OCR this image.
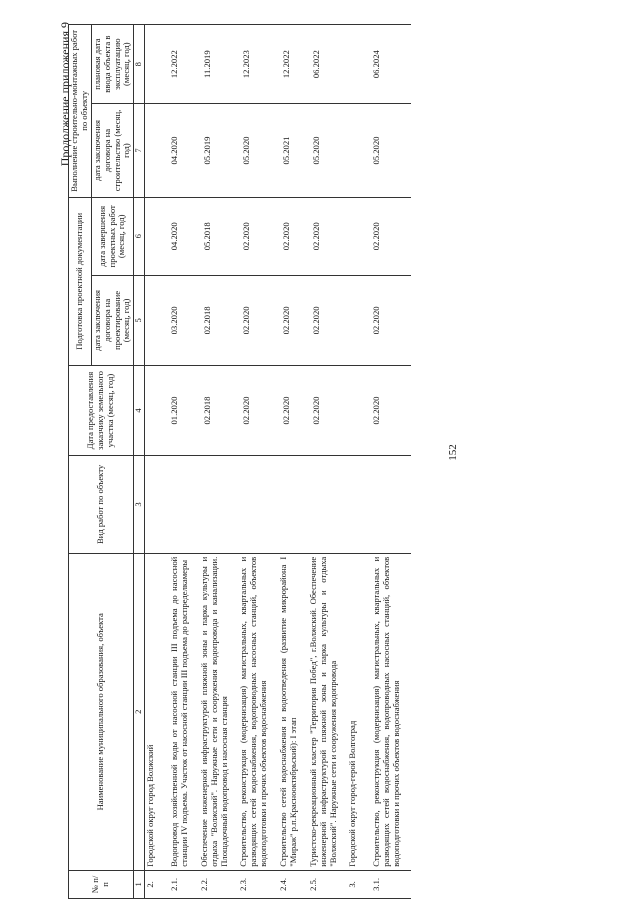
152
Продолжение приложения 9
№ п/п	Наименование муниципального образования, объекта	Вид работ по объекту	Дата предоставления заказчику земельного участка (месяц, год)	Подготовка проектной документации		Выполнение строительно-монтажных работ по объекту	
				дата заключения договора на проектирование (месяц, год)	дата завершения проектных работ (месяц, год)	дата заключения договора на строительство (месяц, год)	плановая дата ввода объекта в эксплуатацию (месяц, год)
1	2	3	4	5	6	7	8
2.	Городской округ город Волжский						
2.1.	Водопровод хозяйственной воды от насосной станции III подъема до насосной станции IV подъема. Участок от насосной станции III подъема до распределкамеры		01.2020	03.2020	04.2020	04.2020	12.2022
2.2.	Обеспечение инженерной инфраструктурой пляжной зоны и парка культуры и отдыха "Волжский". Наружные сети и сооружения водопровода и канализации. Площадочный водопровод и насосная станция		02.2018	02.2018	05.2018	05.2019	11.2019
2.3.	Строительство, реконструкция (модернизация) магистральных, квартальных и разводящих сетей водоснабжения, водопроводных насосных станций, объектов водоподготовки и прочих объектов водоснабжения		02.2020	02.2020	02.2020	05.2020	12.2023
2.4.	Строительство сетей водоснабжения и водоотведения (развитие микрорайона I "Мираж" р.п.Краснооктябрьский): I этап		02.2020	02.2020	02.2020	05.2021	12.2022
2.5.	Туристско-рекреационный кластер "Территория Побед", г.Волжский. Обеспечение инженерной инфраструктурой пляжной зоны и парка культуры и отдыха "Волжский". Наружные сети и сооружения водопровода		02.2020	02.2020	02.2020	05.2020	06.2022
3.	Городской округ город-герой Волгоград						
3.1.	Строительство, реконструкция (модернизация) магистральных, квартальных и разводящих сетей водоснабжения, водопроводных насосных станций, объектов водоподготовки и прочих объектов водоснабжения		02.2020	02.2020	02.2020	05.2020	06.2024
